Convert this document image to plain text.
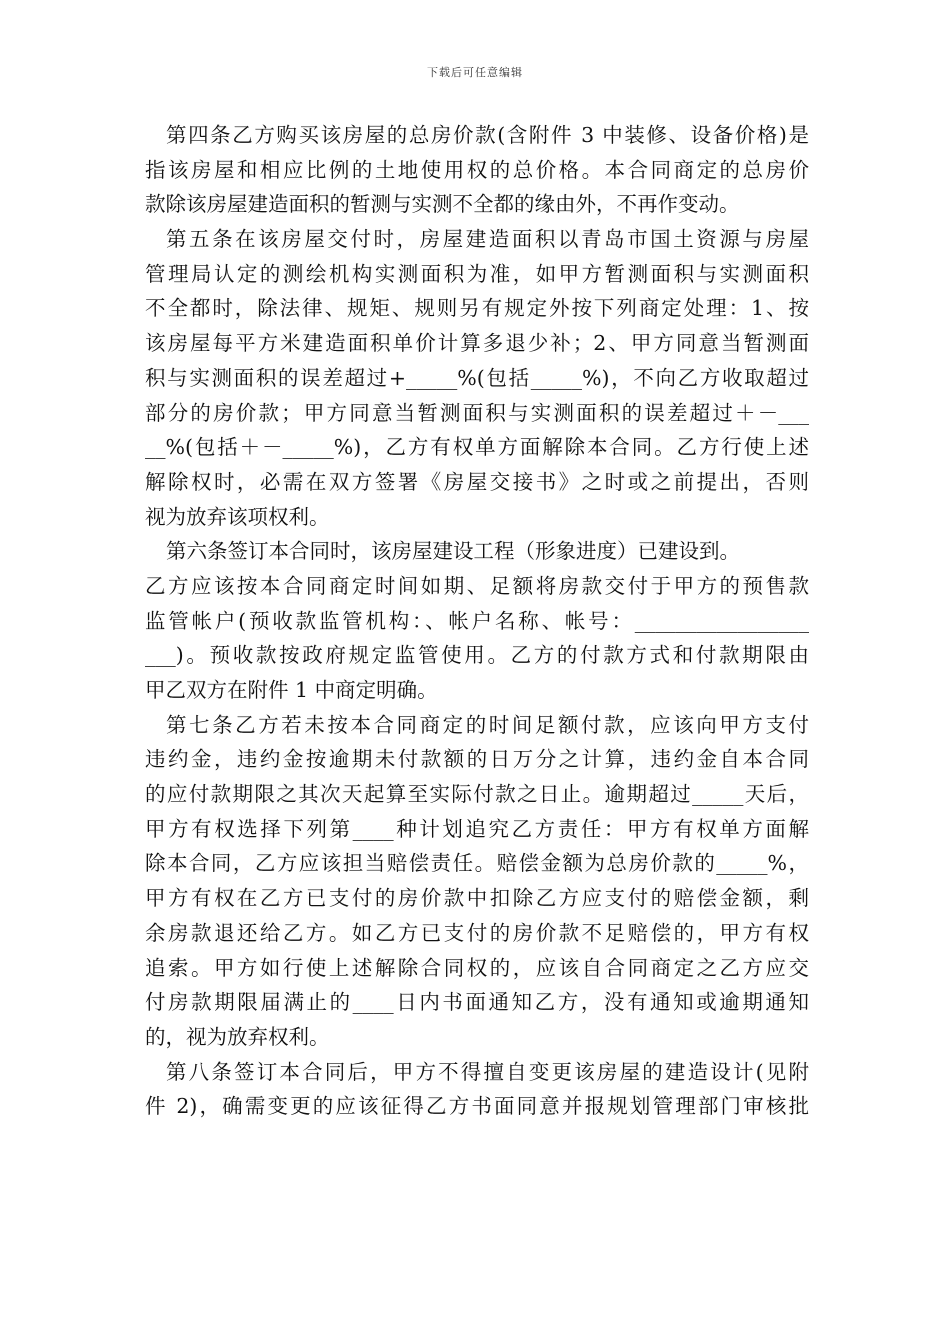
下载后可任意编辑
第四条乙方购买该房屋的总房价款(含附件 3 中装修、设备价格)是
指该房屋和相应比例的土地使用权的总价格。本合同商定的总房价
款除该房屋建造面积的暂测与实测不全都的缘由外，不再作变动。
第五条在该房屋交付时，房屋建造面积以青岛市国土资源与房屋
管理局认定的测绘机构实测面积为准，如甲方暂测面积与实测面积
不全都时，除法律、规矩、规则另有规定外按下列商定处理：1、按
该房屋每平方米建造面积单价计算多退少补；2、甲方同意当暂测面
积与实测面积的误差超过+_____%(包括_____%)，不向乙方收取超过
部分的房价款；甲方同意当暂测面积与实测面积的误差超过＋－___
__%(包括＋－_____%)，乙方有权单方面解除本合同。乙方行使上述
解除权时，必需在双方签署《房屋交接书》之时或之前提出，否则
视为放弃该项权利。
第六条签订本合同时，该房屋建设工程（形象进度）已建设到。
乙方应该按本合同商定时间如期、足额将房款交付于甲方的预售款
监管帐户(预收款监管机构：、帐户名称、帐号：_________________
___)。预收款按政府规定监管使用。乙方的付款方式和付款期限由
甲乙双方在附件 1 中商定明确。
第七条乙方若未按本合同商定的时间足额付款，应该向甲方支付
违约金，违约金按逾期未付款额的日万分之计算，违约金自本合同
的应付款期限之其次天起算至实际付款之日止。逾期超过_____天后，
甲方有权选择下列第____种计划追究乙方责任：甲方有权单方面解
除本合同，乙方应该担当赔偿责任。赔偿金额为总房价款的_____%，
甲方有权在乙方已支付的房价款中扣除乙方应支付的赔偿金额，剩
余房款退还给乙方。如乙方已支付的房价款不足赔偿的，甲方有权
追索。甲方如行使上述解除合同权的，应该自合同商定之乙方应交
付房款期限届满止的____日内书面通知乙方，没有通知或逾期通知
的，视为放弃权利。
第八条签订本合同后，甲方不得擅自变更该房屋的建造设计(见附
件 2)，确需变更的应该征得乙方书面同意并报规划管理部门审核批
